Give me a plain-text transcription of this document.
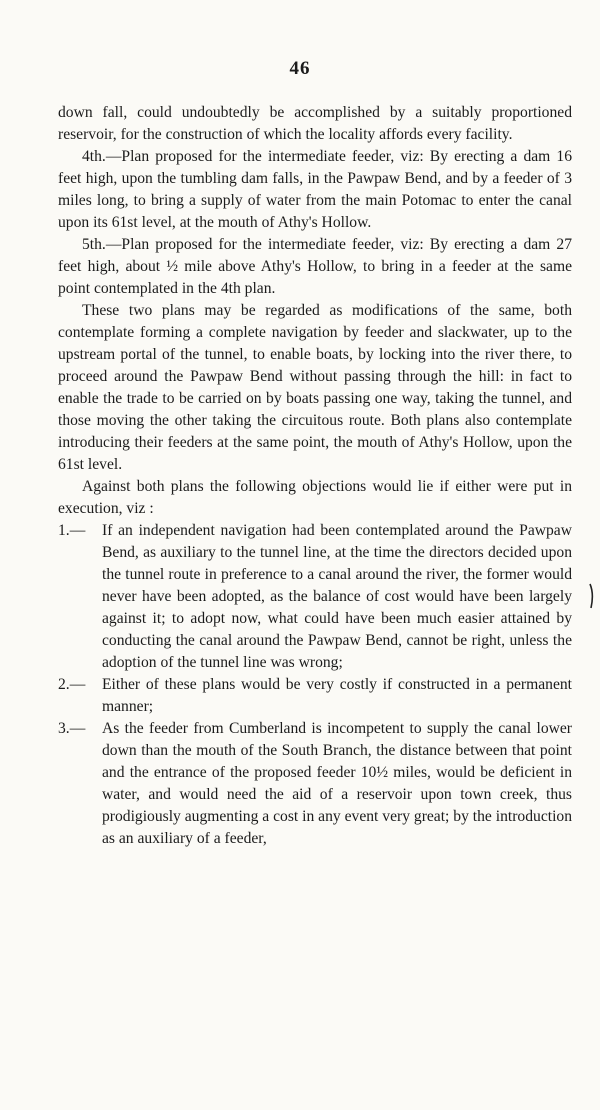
46

down fall, could undoubtedly be accomplished by a suitably proportioned reservoir, for the construction of which the locality affords every facility.

4th.—Plan proposed for the intermediate feeder, viz: By erecting a dam 16 feet high, upon the tumbling dam falls, in the Pawpaw Bend, and by a feeder of 3 miles long, to bring a supply of water from the main Potomac to enter the canal upon its 61st level, at the mouth of Athy's Hollow.

5th.—Plan proposed for the intermediate feeder, viz: By erecting a dam 27 feet high, about ½ mile above Athy's Hollow, to bring in a feeder at the same point contemplated in the 4th plan.

These two plans may be regarded as modifications of the same, both contemplate forming a complete navigation by feeder and slackwater, up to the upstream portal of the tunnel, to enable boats, by locking into the river there, to proceed around the Pawpaw Bend without passing through the hill: in fact to enable the trade to be carried on by boats passing one way, taking the tunnel, and those moving the other taking the circuitous route. Both plans also contemplate introducing their feeders at the same point, the mouth of Athy's Hollow, upon the 61st level.

Against both plans the following objections would lie if either were put in execution, viz :

1.— If an independent navigation had been contemplated around the Pawpaw Bend, as auxiliary to the tunnel line, at the time the directors decided upon the tunnel route in preference to a canal around the river, the former would never have been adopted, as the balance of cost would have been largely against it; to adopt now, what could have been much easier attained by conducting the canal around the Pawpaw Bend, cannot be right, unless the adoption of the tunnel line was wrong;

2.— Either of these plans would be very costly if constructed in a permanent manner;

3.— As the feeder from Cumberland is incompetent to supply the canal lower down than the mouth of the South Branch, the distance between that point and the entrance of the proposed feeder 10½ miles, would be deficient in water, and would need the aid of a reservoir upon town creek, thus prodigiously augmenting a cost in any event very great; by the introduction as an auxiliary of a feeder,
